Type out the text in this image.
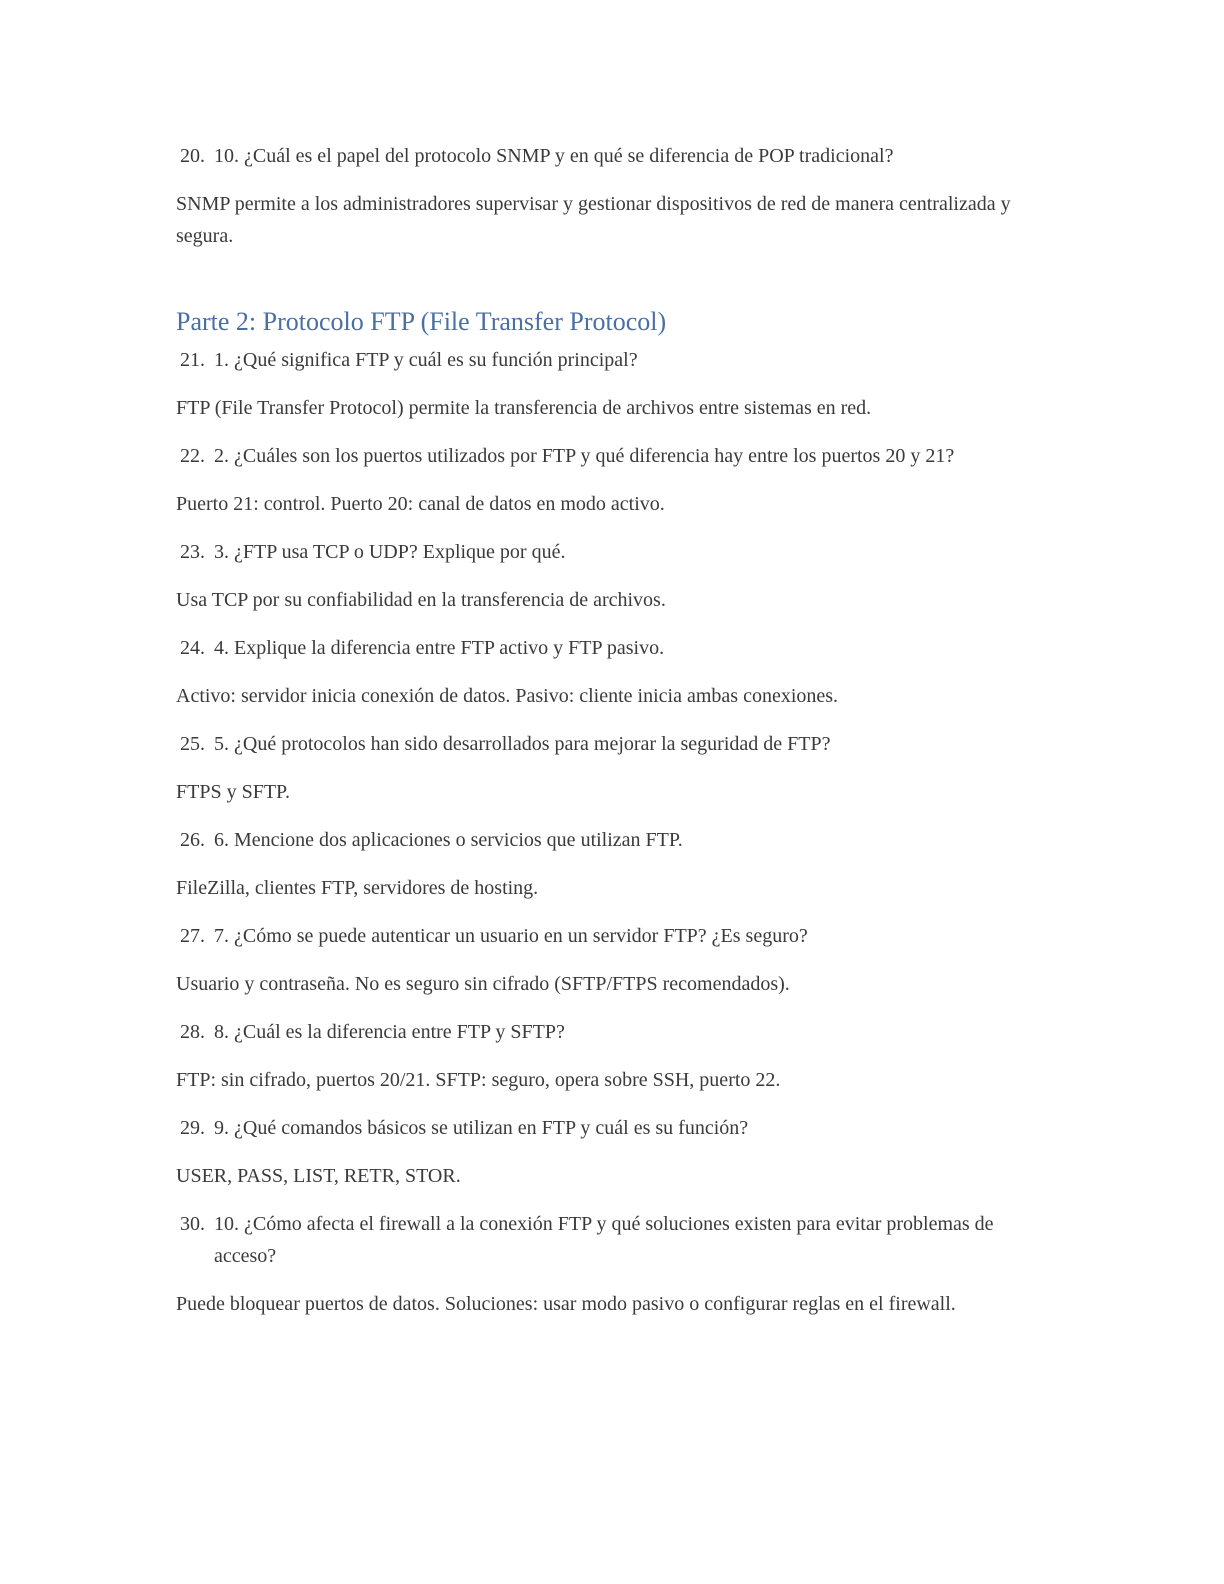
20. 10. ¿Cuál es el papel del protocolo SNMP y en qué se diferencia de POP tradicional?

SNMP permite a los administradores supervisar y gestionar dispositivos de red de manera centralizada y segura.

Parte 2: Protocolo FTP (File Transfer Protocol)

21. 1. ¿Qué significa FTP y cuál es su función principal?

FTP (File Transfer Protocol) permite la transferencia de archivos entre sistemas en red.

22. 2. ¿Cuáles son los puertos utilizados por FTP y qué diferencia hay entre los puertos 20 y 21?

Puerto 21: control. Puerto 20: canal de datos en modo activo.

23. 3. ¿FTP usa TCP o UDP? Explique por qué.

Usa TCP por su confiabilidad en la transferencia de archivos.

24. 4. Explique la diferencia entre FTP activo y FTP pasivo.

Activo: servidor inicia conexión de datos. Pasivo: cliente inicia ambas conexiones.

25. 5. ¿Qué protocolos han sido desarrollados para mejorar la seguridad de FTP?

FTPS y SFTP.

26. 6. Mencione dos aplicaciones o servicios que utilizan FTP.

FileZilla, clientes FTP, servidores de hosting.

27. 7. ¿Cómo se puede autenticar un usuario en un servidor FTP? ¿Es seguro?

Usuario y contraseña. No es seguro sin cifrado (SFTP/FTPS recomendados).

28. 8. ¿Cuál es la diferencia entre FTP y SFTP?

FTP: sin cifrado, puertos 20/21. SFTP: seguro, opera sobre SSH, puerto 22.

29. 9. ¿Qué comandos básicos se utilizan en FTP y cuál es su función?

USER, PASS, LIST, RETR, STOR.

30. 10. ¿Cómo afecta el firewall a la conexión FTP y qué soluciones existen para evitar problemas de acceso?

Puede bloquear puertos de datos. Soluciones: usar modo pasivo o configurar reglas en el firewall.
